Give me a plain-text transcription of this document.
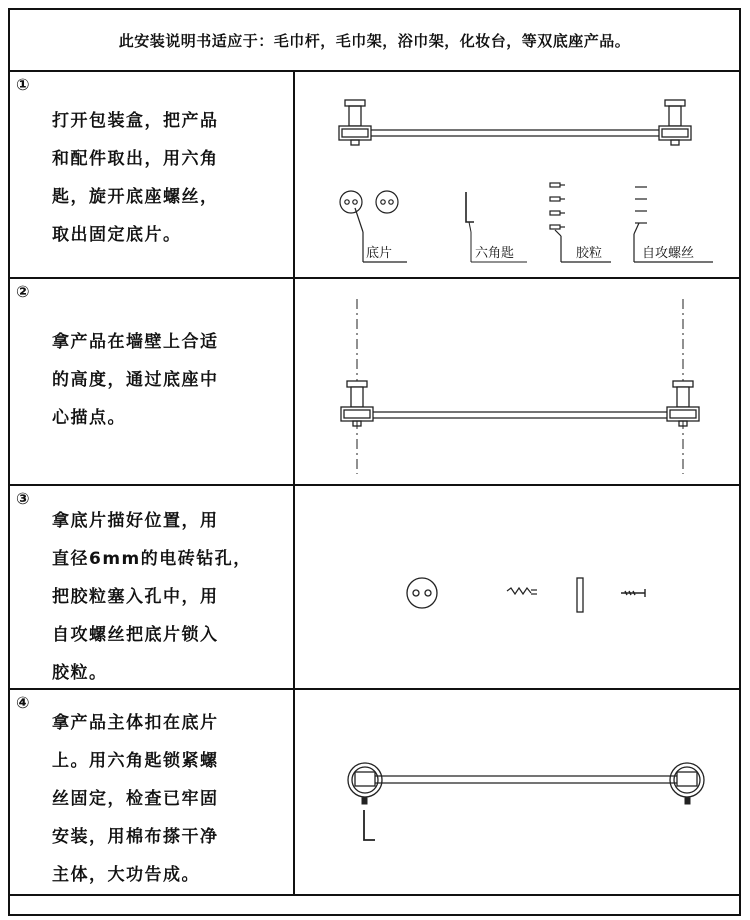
此安装说明书适应于：毛巾杆，毛巾架，浴巾架，化妆台，等双底座产品。
①
打开包装盒，把产品
和配件取出，用六角
匙，旋开底座螺丝，
取出固定底片。
底片	六角匙	胶粒	自攻螺丝
②
拿产品在墙壁上合适
的高度，通过底座中
心描点。
③
拿底片描好位置，用
直径6mm的电砖钻孔，
把胶粒塞入孔中，用
自攻螺丝把底片锁入
胶粒。
④
拿产品主体扣在底片
上。用六角匙锁紧螺
丝固定，检查已牢固
安装，用棉布搽干净
主体，大功告成。
